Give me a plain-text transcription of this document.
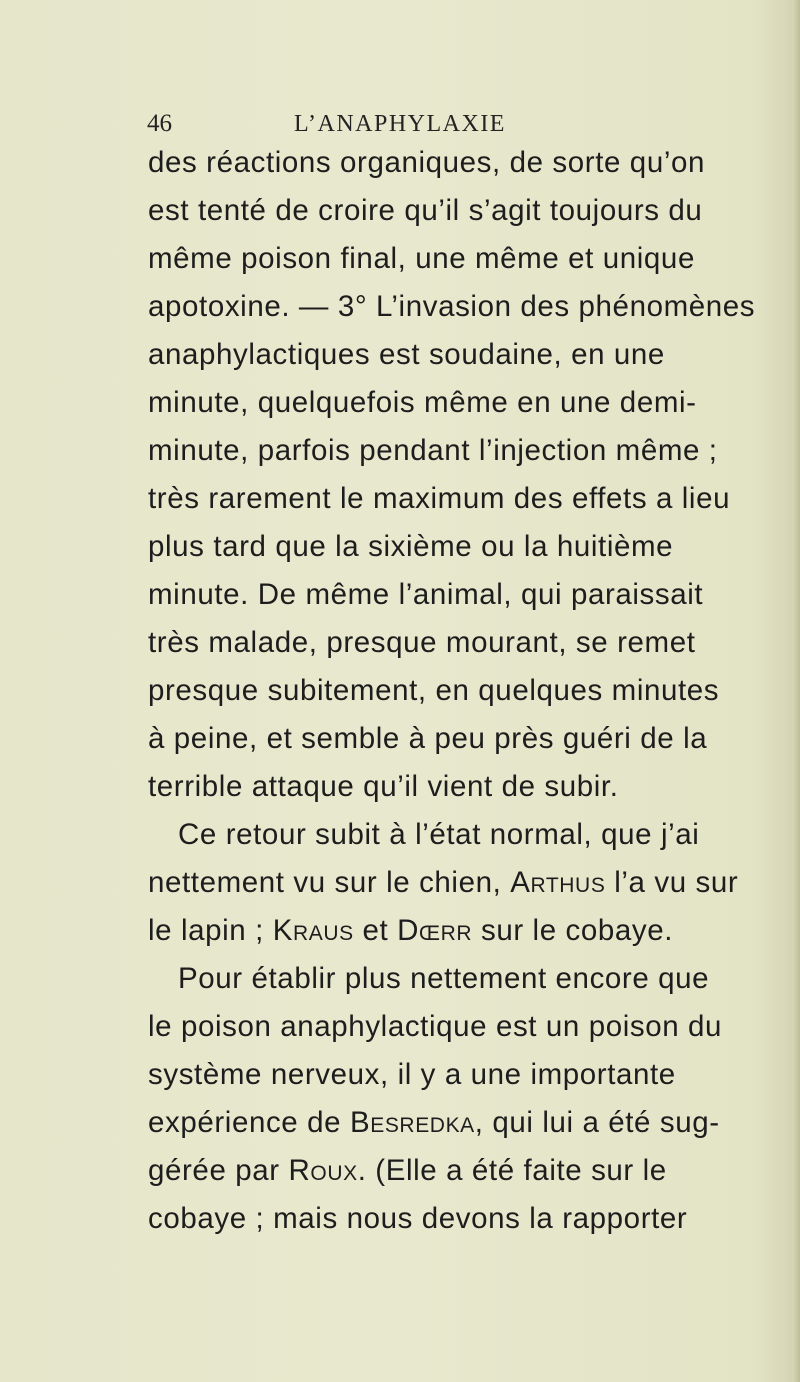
46	L’ANAPHYLAXIE
des réactions organiques, de sorte qu’on
est tenté de croire qu’il s’agit toujours du
même poison final, une même et unique
apotoxine. — 3° L’invasion des phénomènes
anaphylactiques est soudaine, en une
minute, quelquefois même en une demi-
minute, parfois pendant l’injection même ;
très rarement le maximum des effets a lieu
plus tard que la sixième ou la huitième
minute. De même l’animal, qui paraissait
très malade, presque mourant, se remet
presque subitement, en quelques minutes
à peine, et semble à peu près guéri de la
terrible attaque qu’il vient de subir.
Ce retour subit à l’état normal, que j’ai
nettement vu sur le chien, Arthus l’a vu sur
le lapin ; Kraus et Dœrr sur le cobaye.
Pour établir plus nettement encore que
le poison anaphylactique est un poison du
système nerveux, il y a une importante
expérience de Besredka, qui lui a été sug-
gérée par Roux. (Elle a été faite sur le
cobaye ; mais nous devons la rapporter
